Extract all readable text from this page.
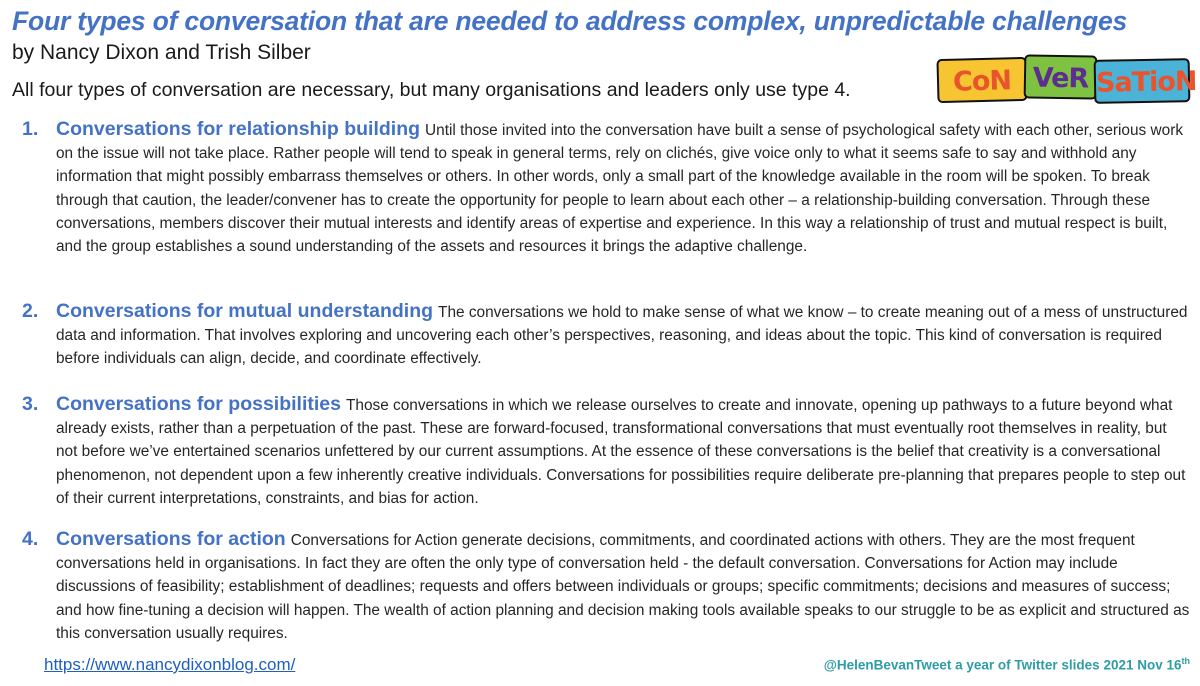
Four types of conversation that are needed to address complex, unpredictable challenges
by Nancy Dixon and Trish Silber
All four types of conversation are necessary, but many organisations and leaders only use type 4.	CoN VeR SaTioN
1. Conversations for relationship building Until those invited into the conversation have built a sense of psychological safety with each other, serious work on the issue will not take place. Rather people will tend to speak in general terms, rely on clichés, give voice only to what it seems safe to say and withhold any information that might possibly embarrass themselves or others. In other words, only a small part of the knowledge available in the room will be spoken. To break through that caution, the leader/convener has to create the opportunity for people to learn about each other – a relationship-building conversation. Through these conversations, members discover their mutual interests and identify areas of expertise and experience. In this way a relationship of trust and mutual respect is built, and the group establishes a sound understanding of the assets and resources it brings the adaptive challenge.
2. Conversations for mutual understanding The conversations we hold to make sense of what we know – to create meaning out of a mess of unstructured data and information. That involves exploring and uncovering each other’s perspectives, reasoning, and ideas about the topic. This kind of conversation is required before individuals can align, decide, and coordinate effectively.
3. Conversations for possibilities Those conversations in which we release ourselves to create and innovate, opening up pathways to a future beyond what already exists, rather than a perpetuation of the past. These are forward-focused, transformational conversations that must eventually root themselves in reality, but not before we’ve entertained scenarios unfettered by our current assumptions. At the essence of these conversations is the belief that creativity is a conversational phenomenon, not dependent upon a few inherently creative individuals. Conversations for possibilities require deliberate pre-planning that prepares people to step out of their current interpretations, constraints, and bias for action.
4. Conversations for action Conversations for Action generate decisions, commitments, and coordinated actions with others. They are the most frequent conversations held in organisations. In fact they are often the only type of conversation held - the default conversation. Conversations for Action may include discussions of feasibility; establishment of deadlines; requests and offers between individuals or groups; specific commitments; decisions and measures of success; and how fine-tuning a decision will happen. The wealth of action planning and decision making tools available speaks to our struggle to be as explicit and structured as this conversation usually requires.
https://www.nancydixonblog.com/	@HelenBevanTweet a year of Twitter slides 2021 Nov 16th
